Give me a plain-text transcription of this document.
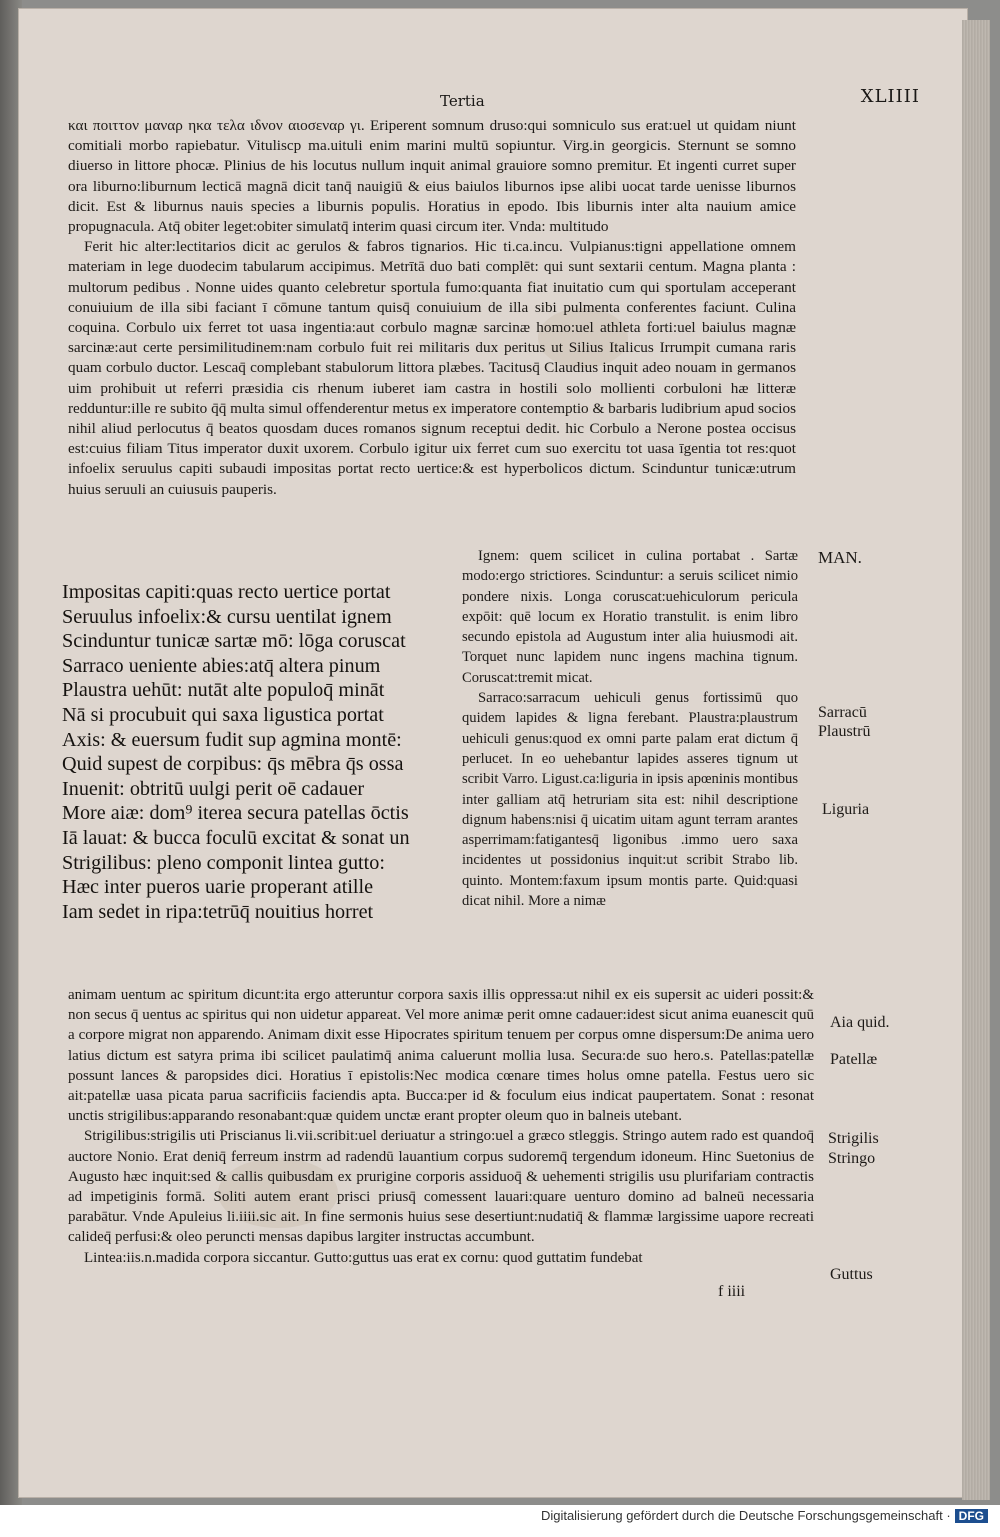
Tertia	XLIIII

και ποιττον μαναρ ηκα τελα ιδνον αιοσεναρ γι. Eriperent somnum druso:qui somniculo sus erat:uel ut quidam niunt comitiali morbo rapiebatur. Vituliscp ma.uituli enim marini multū sopiuntur. Virg.in georgicis. Sternunt se somno diuerso in littore phocæ. Plinius de his locutus nullum inquit animal grauiore somno premitur. Et ingenti curret super ora liburno:liburnum lecticā magnā dicit tanq̄ nauigiū & eius baiulos liburnos ipse alibi uocat tarde uenisse liburnos dicit. Est & liburnus nauis species a liburnis populis. Horatius in epodo. Ibis liburnis inter alta nauium amice propugnacula. Atq̄ obiter leget:obiter simulatq̄ interim quasi circum iter. Vnda: multitudo

Ferit hic alter:lectitarios dicit ac gerulos & fabros tignarios. Hic ti.ca.incu. Vulpianus:tigni appellatione omnem materiam in lege duodecim tabularum accipimus. Metrītā duo bati complēt: qui sunt sextarii centum. Magna planta : multorum pedibus . Nonne uides quanto celebretur sportula fumo:quanta fiat inuitatio cum qui sportulam acceperant conuiuium de illa sibi faciant ī cōmune tantum quisq̄ conuiuium de illa sibi pulmenta conferentes faciunt. Culina coquina. Corbulo uix ferret tot uasa ingentia:aut corbulo magnæ sarcinæ homo:uel athleta forti:uel baiulus magnæ sarcinæ:aut certe persimilitudinem:nam corbulo fuit rei militaris dux peritus ut Silius Italicus Irrumpit cumana raris quam corbulo ductor. Lescaq̄ complebant stabulorum littora plæbes. Tacitusq̄ Claudius inquit adeo nouam in germanos uim prohibuit ut referri præsidia cis rhenum iuberet iam castra in hostili solo mollienti corbuloni hæ litteræ redduntur:ille re subito q̄q̄ multa simul offenderentur metus ex imperatore contemptio & barbaris ludibrium apud socios nihil aliud perlocutus q̄ beatos quosdam duces romanos signum receptui dedit. hic Corbulo a Nerone postea occisus est:cuius filiam Titus imperator duxit uxorem. Corbulo igitur uix ferret cum suo exercitu tot uasa īgentia tot res:quot infoelix seruulus capiti subaudi impositas portat recto uertice:& est hyperbolicos dictum. Scinduntur tunicæ:utrum huius seruuli an cuiusuis pauperis.

Impositas capiti:quas recto uertice portat
Seruulus infoelix:& cursu uentilat ignem
Scinduntur tunicæ sartæ mō: lōga coruscat
Sarraco ueniente abies:atq̄ altera pinum
Plaustra uehūt: nutāt alte populoq̄ mināt
Nā si procubuit qui saxa ligustica portat
Axis: & euersum fudit sup agmina montē:
Quid supest de corpibus: q̄s mēbra q̄s ossa
Inuenit: obtritū uulgi perit oē cadauer
More aiæ: dom⁹ iterea secura patellas ōctis
Iā lauat: & bucca foculū excitat & sonat un
Strigilibus: pleno componit lintea gutto:
Hæc inter pueros uarie properant atille
Iam sedet in ripa:tetrūq̄ nouitius horret

Ignem: quem scilicet in culina portabat . Sartæ modo:ergo strictiores. Scinduntur: a seruis scilicet nimio pondere nixis. Longa coruscat:uehiculorum pericula expōit: quē locum ex Horatio transtulit. is enim libro secundo epistola ad Augustum inter alia huiusmodi ait. Torquet nunc lapidem nunc ingens machina tignum. Coruscat:tremit micat.

Sarraco:sarracum uehiculi genus fortissimū quo quidem lapides & ligna ferebant. Plaustra:plaustrum uehiculi genus:quod ex omni parte palam erat dictum q̄ perlucet. In eo uehebantur lapides asseres tignum ut scribit Varro. Ligust.ca:liguria in ipsis apœninis montibus inter galliam atq̄ hetruriam sita est: nihil descriptione dignum habens:nisi q̄ uicatim uitam agunt terram arantes asperrimam:fatigantesq̄ ligonibus .immo uero saxa incidentes ut possidonius inquit:ut scribit Strabo lib. quinto. Montem:faxum ipsum montis parte. Quid:quasi dicat nihil. More a nimæ

animam uentum ac spiritum dicunt:ita ergo atteruntur corpora saxis illis oppressa:ut nihil ex eis supersit ac uideri possit:& non secus q̄ uentus ac spiritus qui non uidetur appareat. Vel more animæ perit omne cadauer:idest sicut anima euanescit quū a corpore migrat non apparendo. Animam dixit esse Hipocrates spiritum tenuem per corpus omne dispersum:De anima uero latius dictum est satyra prima ibi scilicet paulatimq̄ anima caluerunt mollia lusa. Secura:de suo hero.s. Patellas:patellæ possunt lances & paropsides dici. Horatius ī epistolis:Nec modica cœnare times holus omne patella. Festus uero sic ait:patellæ uasa picata parua sacrificiis faciendis apta. Bucca:per id & foculum eius indicat paupertatem. Sonat : resonat unctis strigilibus:apparando resonabant:quæ quidem unctæ erant propter oleum quo in balneis utebant.

Strigilibus:strigilis uti Priscianus li.vii.scribit:uel deriuatur a stringo:uel a græco stleggis. Stringo autem rado est quandoq̄ auctore Nonio. Erat deniq̄ ferreum instrm ad radendū lauantium corpus sudoremq̄ tergendum idoneum. Hinc Suetonius de Augusto hæc inquit:sed & callis quibusdam ex prurigine corporis assiduoq̄ & uehementi strigilis usu plurifariam contractis ad impetiginis formā. Soliti autem erant prisci priusq̄ comessent lauari:quare uenturo domino ad balneū necessaria parabātur. Vnde Apuleius li.iiii.sic ait. In fine sermonis huius sese desertiunt:nudatiq̄ & flammæ largissime uapore recreati calideq̄ perfusi:& oleo peruncti mensas dapibus largiter instructas accumbunt.

Lintea:iis.n.madida corpora siccantur. Gutto:guttus uas erat ex cornu: quod guttatim fundebat

MAN.
Sarracū
Plaustrū
Liguria
Aia quid.
Patellæ
Strigilis
Stringo
Guttus
f iiii
Digitalisierung gefördert durch die Deutsche Forschungsgemeinschaft · DFG
